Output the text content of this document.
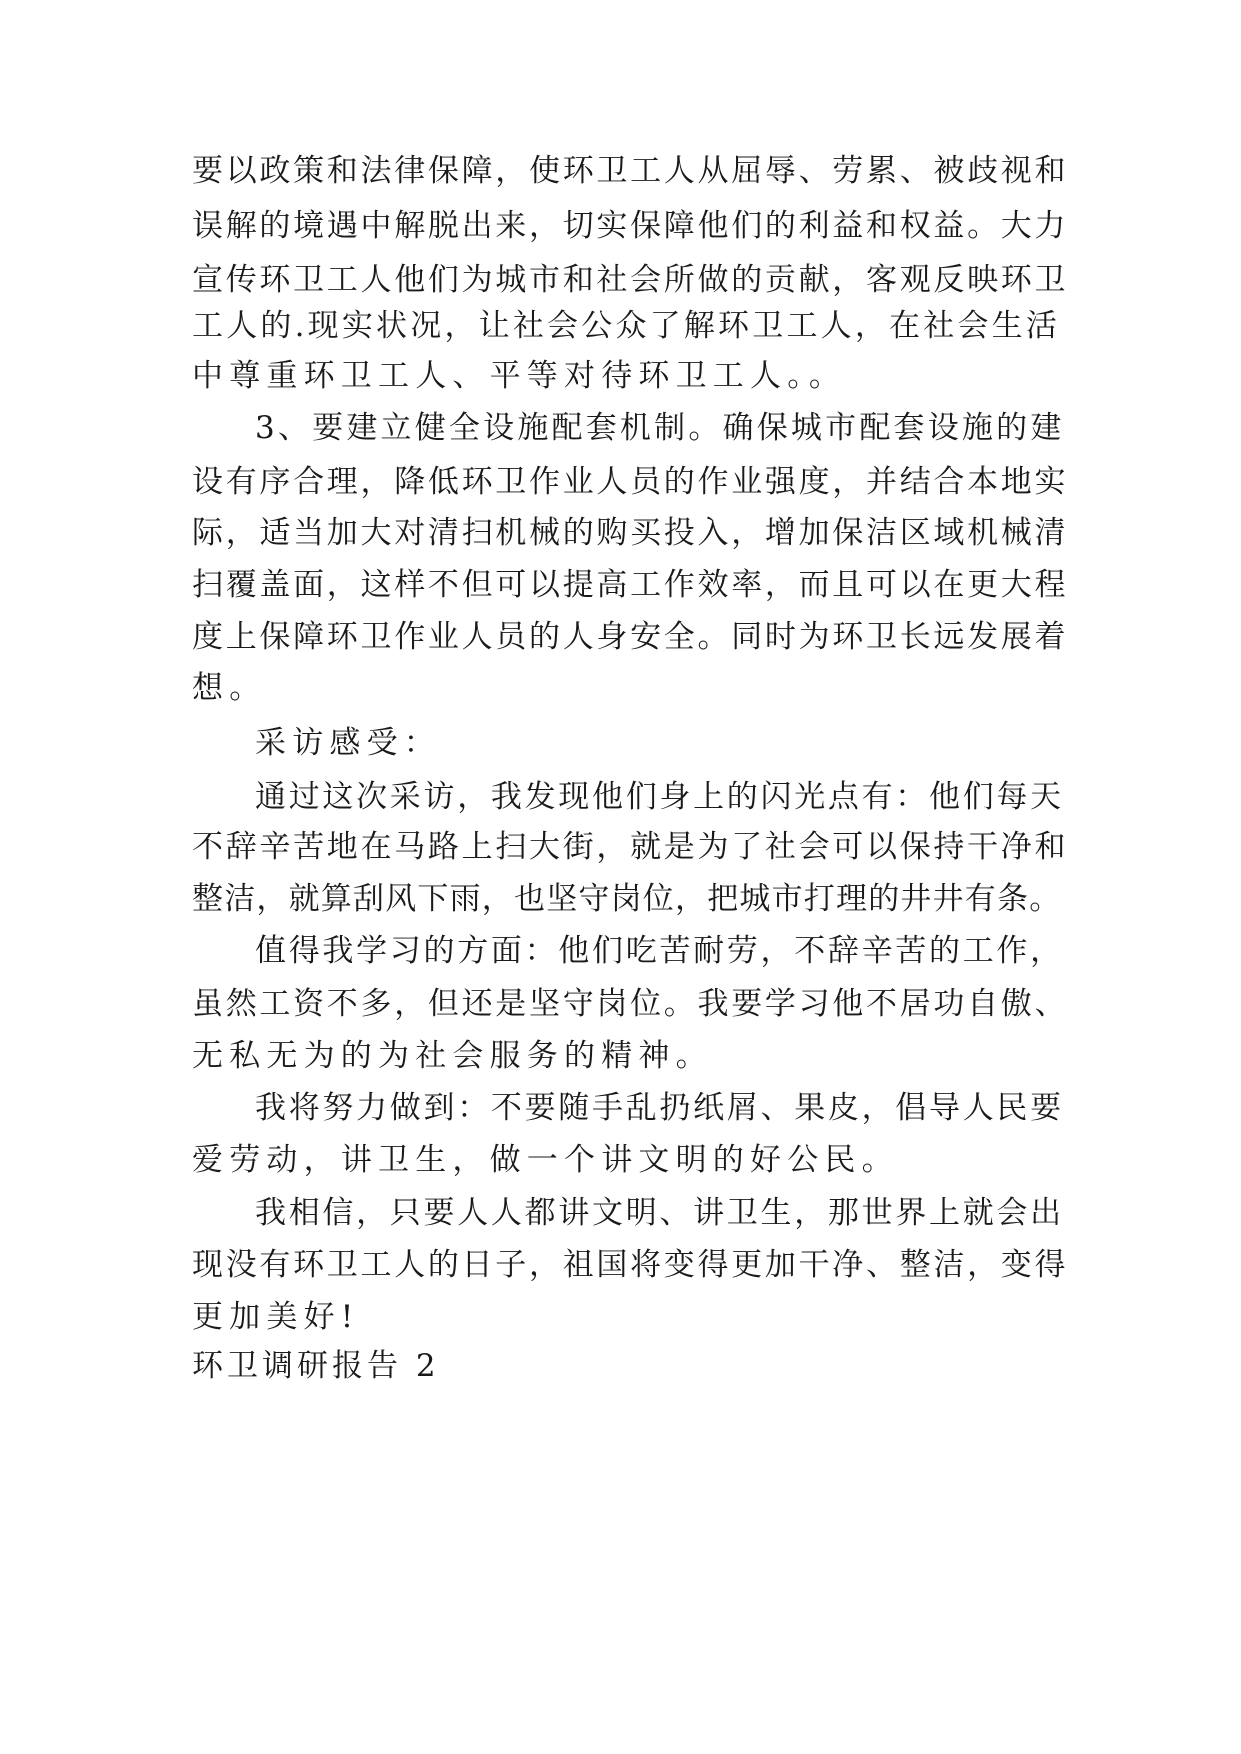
要以政策和法律保障，使环卫工人从屈辱、劳累、被歧视和
误解的境遇中解脱出来，切实保障他们的利益和权益。大力
宣传环卫工人他们为城市和社会所做的贡献，客观反映环卫
工人的.现实状况，让社会公众了解环卫工人，在社会生活
中尊重环卫工人、平等对待环卫工人。。
3、要建立健全设施配套机制。确保城市配套设施的建
设有序合理，降低环卫作业人员的作业强度，并结合本地实
际，适当加大对清扫机械的购买投入，增加保洁区域机械清
扫覆盖面，这样不但可以提高工作效率，而且可以在更大程
度上保障环卫作业人员的人身安全。同时为环卫长远发展着
想。
采访感受：
通过这次采访，我发现他们身上的闪光点有：他们每天
不辞辛苦地在马路上扫大街，就是为了社会可以保持干净和
整洁，就算刮风下雨，也坚守岗位，把城市打理的井井有条。
值得我学习的方面：他们吃苦耐劳，不辞辛苦的工作，
虽然工资不多，但还是坚守岗位。我要学习他不居功自傲、
无私无为的为社会服务的精神。
我将努力做到：不要随手乱扔纸屑、果皮，倡导人民要
爱劳动，讲卫生，做一个讲文明的好公民。
我相信，只要人人都讲文明、讲卫生，那世界上就会出
现没有环卫工人的日子，祖国将变得更加干净、整洁，变得
更加美好!
环卫调研报告 2
